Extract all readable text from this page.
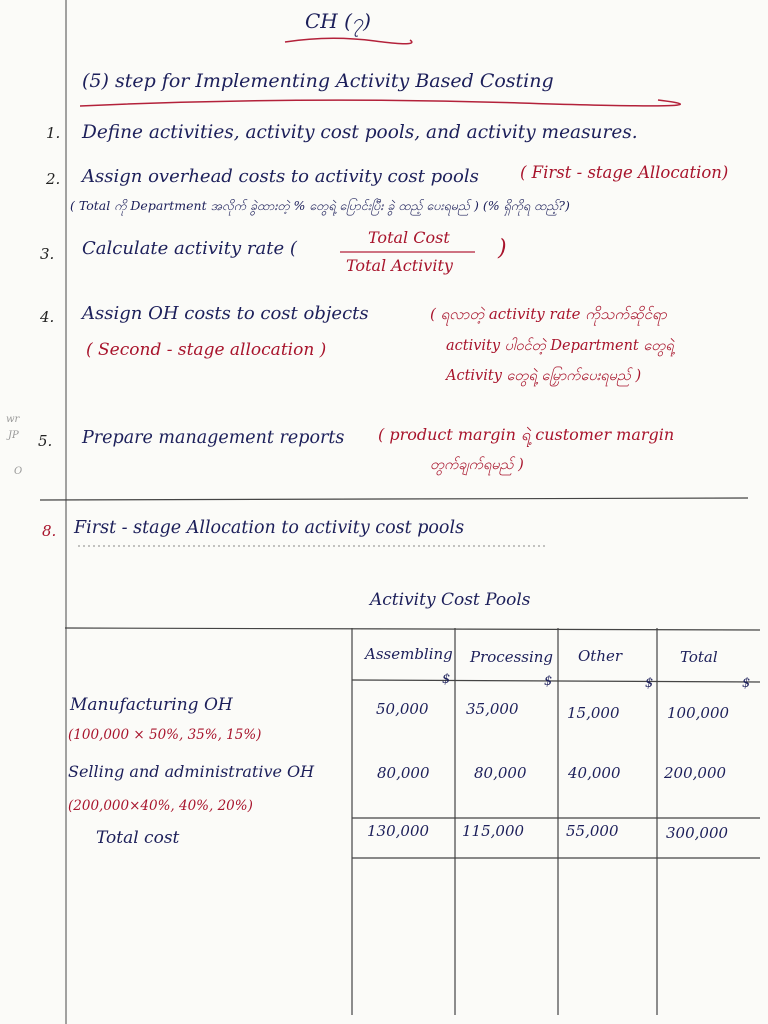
CH (၇)
(5) step for Implementing Activity Based Costing
1. Define activities, activity cost pools, and activity measures.
2. Assign overhead costs to activity cost pools ( First - stage Allocation)
( Total ကို Department အလိုက် ခွဲထားတဲ့ % တွေရဲ့ ပြောင်းပြီး ခွဲ ထည့် ပေးရမည် ) (% ရှိကိုရ ထည့်?)
3. Calculate activity rate (
Total Cost
Total Activity
)
4. Assign OH costs to cost objects	( ရလာတဲ့ activity rate ကိုသက်ဆိုင်ရာ
( Second - stage allocation )	activity ပါဝင်တဲ့ Department တွေရဲ့
Activity တွေရဲ့ မြှောက်ပေးရမည် )
wr
JP
O
5. Prepare management reports ( product margin ရဲ့ customer margin
တွက်ချက်ရမည် )
8. First - stage Allocation to activity cost pools
Activity Cost Pools
Assembling Processing Other	Total
$	$	$	$
Manufacturing OH
(100,000 × 50%, 35%, 15%)
50,000	35,000	15,000	100,000
Selling and administrative OH
(200,000×40%, 40%, 20%)
80,000	80,000	40,000	200,000
Total cost	130,000 115,000	55,000	300,000
